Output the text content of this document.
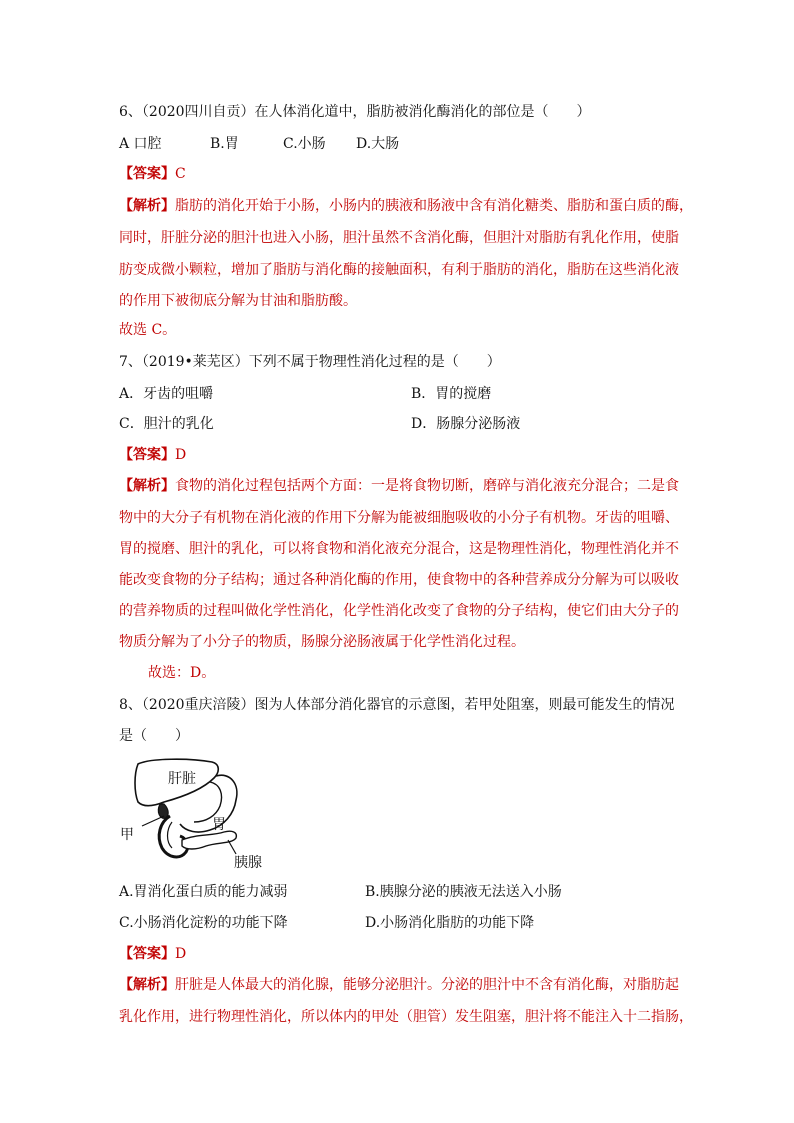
6、（2020四川自贡）在人体消化道中，脂肪被消化酶消化的部位是（　　）
A 口腔	B.胃	C.小肠 D.大肠
【答案】C
【解析】脂肪的消化开始于小肠，小肠内的胰液和肠液中含有消化糖类、脂肪和蛋白质的酶，
同时，肝脏分泌的胆汁也进入小肠，胆汁虽然不含消化酶，但胆汁对脂肪有乳化作用，使脂
肪变成微小颗粒，增加了脂肪与消化酶的接触面积，有利于脂肪的消化，脂肪在这些消化液
的作用下被彻底分解为甘油和脂肪酸。
故选 C。
7、（2019•莱芜区）下列不属于物理性消化过程的是（　　）
A．牙齿的咀嚼	B．胃的搅磨
C．胆汁的乳化	D．肠腺分泌肠液
【答案】D
【解析】食物的消化过程包括两个方面：一是将食物切断，磨碎与消化液充分混合；二是食
物中的大分子有机物在消化液的作用下分解为能被细胞吸收的小分子有机物。牙齿的咀嚼、
胃的搅磨、胆汁的乳化，可以将食物和消化液充分混合，这是物理性消化，物理性消化并不
能改变食物的分子结构；通过各种消化酶的作用，使食物中的各种营养成分分解为可以吸收
的营养物质的过程叫做化学性消化，化学性消化改变了食物的分子结构，使它们由大分子的
物质分解为了小分子的物质，肠腺分泌肠液属于化学性消化过程。
故选：D。
8、（2020重庆涪陵）图为人体部分消化器官的示意图，若甲处阻塞，则最可能发生的情况
是（　　）
肝脏
胃
甲
胰腺
A.胃消化蛋白质的能力减弱	B.胰腺分泌的胰液无法送入小肠
C.小肠消化淀粉的功能下降	D.小肠消化脂肪的功能下降
【答案】D
【解析】肝脏是人体最大的消化腺，能够分泌胆汁。分泌的胆汁中不含有消化酶，对脂肪起
乳化作用，进行物理性消化，所以体内的甲处（胆管）发生阻塞，胆汁将不能注入十二指肠，
